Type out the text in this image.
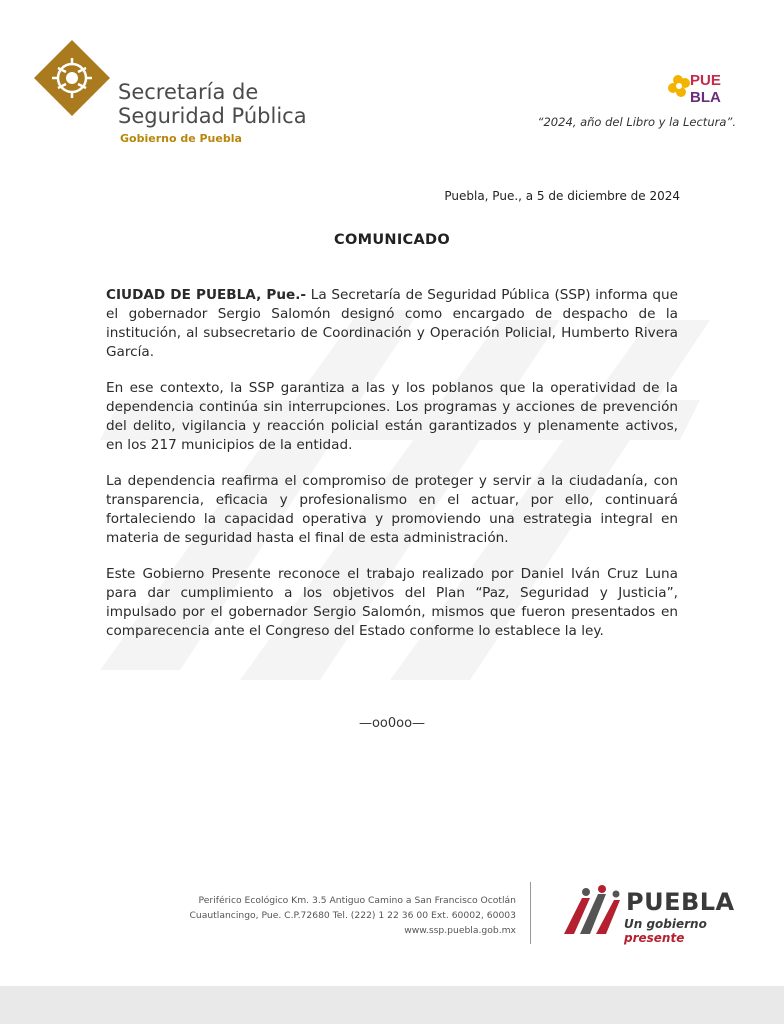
Secretaría de
Seguridad Pública
Gobierno de Puebla
PUE
BLA
“2024, año del Libro y la Lectura”.
Puebla, Pue., a 5 de diciembre de 2024
COMUNICADO

CIUDAD DE PUEBLA, Pue.- La Secretaría de Seguridad Pública (SSP) informa que el gobernador Sergio Salomón designó como encargado de despacho de la institución, al subsecretario de Coordinación y Operación Policial, Humberto Rivera García.

En ese contexto, la SSP garantiza a las y los poblanos que la operatividad de la dependencia continúa sin interrupciones. Los programas y acciones de prevención del delito, vigilancia y reacción policial están garantizados y plenamente activos, en los 217 municipios de la entidad.

La dependencia reafirma el compromiso de proteger y servir a la ciudadanía, con transparencia, eficacia y profesionalismo en el actuar, por ello, continuará fortaleciendo la capacidad operativa y promoviendo una estrategia integral en materia de seguridad hasta el final de esta administración.

Este Gobierno Presente reconoce el trabajo realizado por Daniel Iván Cruz Luna para dar cumplimiento a los objetivos del Plan “Paz, Seguridad y Justicia”, impulsado por el gobernador Sergio Salomón, mismos que fueron presentados en comparecencia ante el Congreso del Estado conforme lo establece la ley.

—oo0oo—
Periférico Ecológico Km. 3.5 Antiguo Camino a San Francisco Ocotlán
Cuautlancingo, Pue. C.P.72680 Tel. (222) 1 22 36 00 Ext. 60002, 60003
www.ssp.puebla.gob.mx
PUEBLA
Un gobierno presente
